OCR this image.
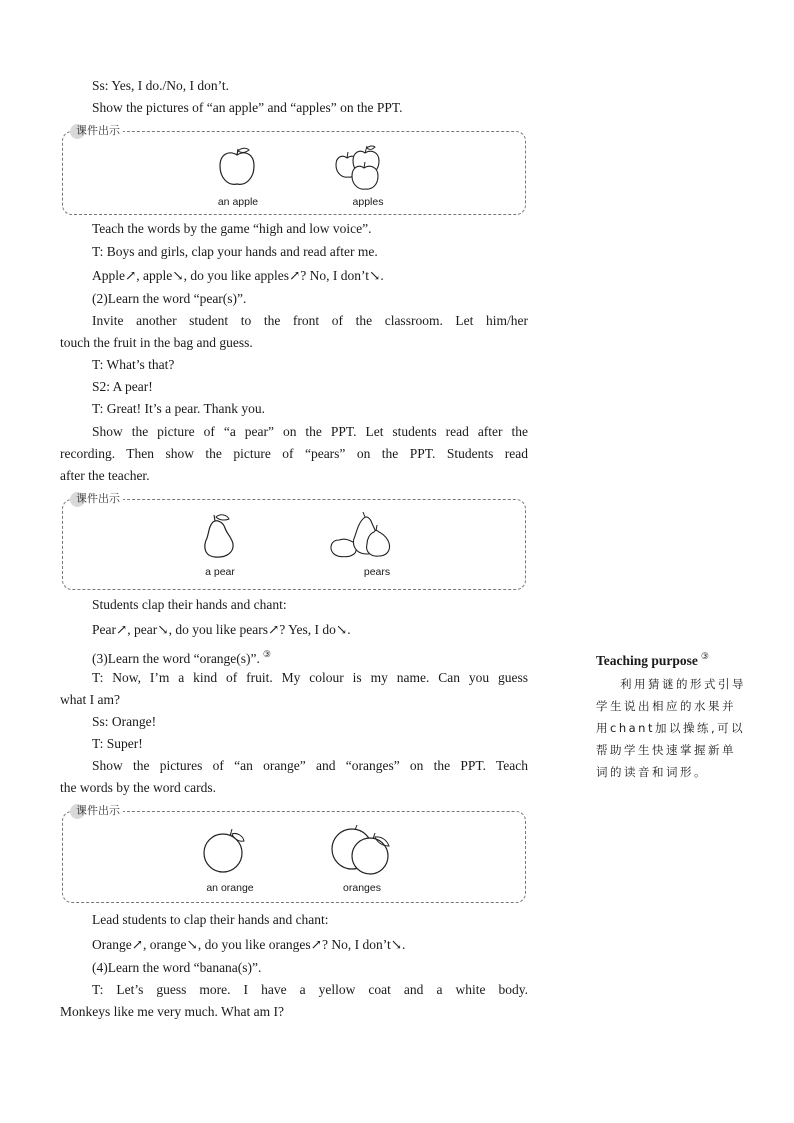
Ss: Yes, I do./No, I don’t.
Show the pictures of “an apple” and “apples” on the PPT.
Teach the words by the game “high and low voice”.
T: Boys and girls, clap your hands and read after me.
Apple↗, apple↘, do you like apples↗? No, I don’t↘.
(2)Learn the word “pear(s)”.
Invite another student to the front of the classroom. Let him/her
touch the fruit in the bag and guess.
T: What’s that?
S2: A pear!
T: Great! It’s a pear. Thank you.
Show the picture of “a pear” on the PPT. Let students read after the
recording. Then show the picture of “pears” on the PPT. Students read
after the teacher.
Students clap their hands and chant:
Pear↗, pear↘, do you like pears↗? Yes, I do↘.
(3)Learn the word “orange(s)”. ③
T: Now, I’m a kind of fruit. My colour is my name. Can you guess
what I am?
Ss: Orange!
T: Super!
Show the pictures of “an orange” and “oranges” on the PPT. Teach
the words by the word cards.
Lead students to clap their hands and chant:
Orange↗, orange↘, do you like oranges↗? No, I don’t↘.
(4)Learn the word “banana(s)”.
T: Let’s guess more. I have a yellow coat and a white body.
Monkeys like me very much. What am I?
课件出示
an apple	apples
课件出示
a pear	pears
课件出示
an orange	oranges
Teaching purpose ③
利用猜谜的形式引导学生说出相应的水果并用chant加以操练,可以帮助学生快速掌握新单词的读音和词形。
